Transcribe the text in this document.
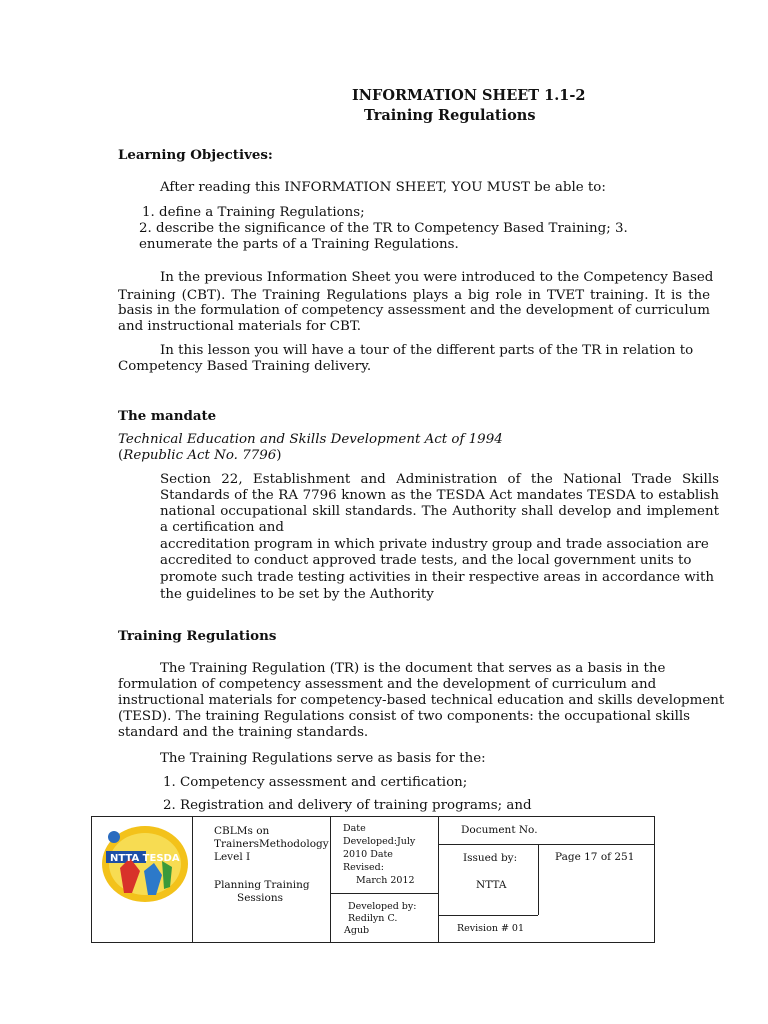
INFORMATION SHEET 1.1-2
Training Regulations
Learning Objectives:
After reading this INFORMATION SHEET, YOU MUST be able to:
1. define a Training Regulations;
2. describe the significance of the TR to Competency Based Training; 3.
enumerate the parts of a Training Regulations.
In the previous Information Sheet you were introduced to the Competency Based
Training (CBT). The Training Regulations plays a big role in TVET training. It is the
basis in the formulation of competency assessment and the development of curriculum
and instructional materials for CBT.
In this lesson you will have a tour of the different parts of the TR in relation to
Competency Based Training delivery.
The mandate
Technical Education and Skills Development Act of 1994
(Republic Act No. 7796)
Section 22, Establishment and Administration of the National Trade Skills
Standards of the RA 7796 known as the TESDA Act mandates TESDA to establish
national occupational skill standards. The Authority shall develop and implement
a certification and
accreditation program in which private industry group and trade association are
accredited to conduct approved trade tests, and the local government units to
promote such trade testing activities in their respective areas in accordance with
the guidelines to be set by the Authority
Training Regulations
The Training Regulation (TR) is the document that serves as a basis in the
formulation of competency assessment and the development of curriculum and
instructional materials for competency-based technical education and skills development
(TESD). The training Regulations consist of two components: the occupational skills
standard and the training standards.
The Training Regulations serve as basis for the:
1. Competency assessment and certification;
2. Registration and delivery of training programs; and
NTTA TESDA
CBLMs on
TrainersMethodology
Level I
Planning Training
Sessions
Date
Developed:July
2010 Date
Revised:
March 2012
Developed by:
Redilyn C.
Agub
Document No.
Issued by:
NTTA
Page 17 of 251
Revision # 01
